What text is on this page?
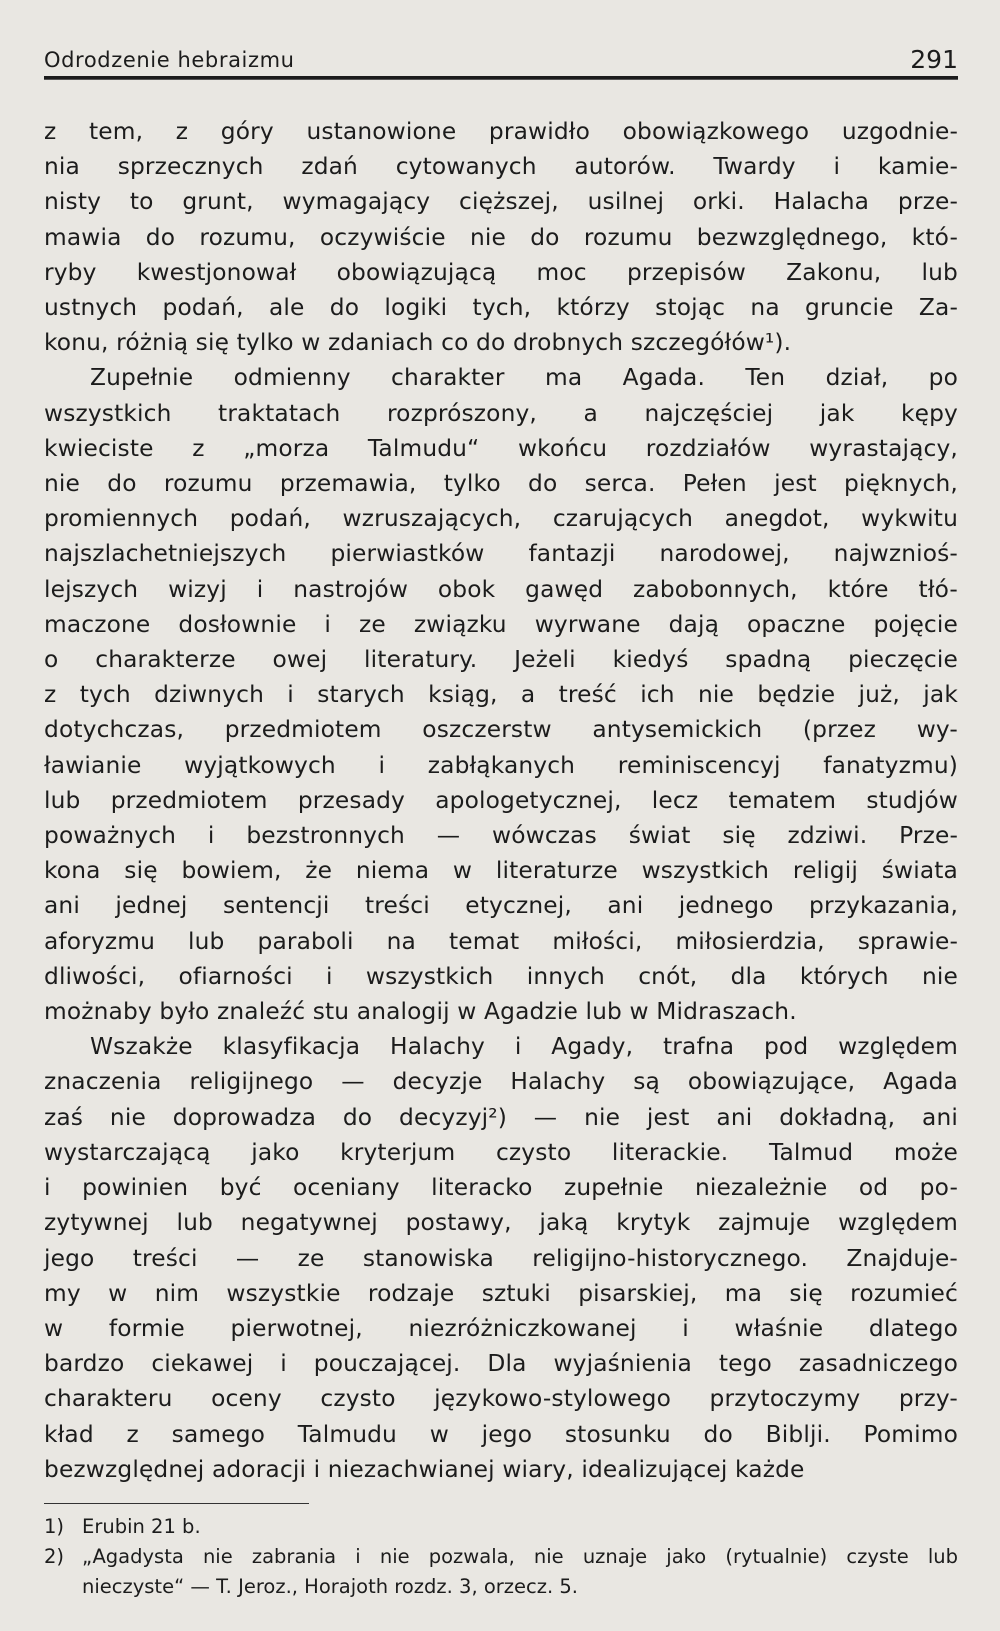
Odrodzenie hebraizmu	291
z tem, z góry ustanowione prawidło obowiązkowego uzgodnie-
nia sprzecznych zdań cytowanych autorów. Twardy i kamie-
nisty to grunt, wymagający cięższej, usilnej orki. Halacha prze-
mawia do rozumu, oczywiście nie do rozumu bezwzględnego, któ-
ryby kwestjonował obowiązującą moc przepisów Zakonu, lub
ustnych podań, ale do logiki tych, którzy stojąc na gruncie Za-
konu, różnią się tylko w zdaniach co do drobnych szczegółów¹).
Zupełnie odmienny charakter ma Agada. Ten dział, po
wszystkich traktatach rozprószony, a najczęściej jak kępy
kwieciste z „morza Talmudu“ wkońcu rozdziałów wyrastający,
nie do rozumu przemawia, tylko do serca. Pełen jest pięknych,
promiennych podań, wzruszających, czarujących anegdot, wykwitu
najszlachetniejszych pierwiastków fantazji narodowej, najwznioś-
lejszych wizyj i nastrojów obok gawęd zabobonnych, które tłó-
maczone dosłownie i ze związku wyrwane dają opaczne pojęcie
o charakterze owej literatury. Jeżeli kiedyś spadną pieczęcie
z tych dziwnych i starych ksiąg, a treść ich nie będzie już, jak
dotychczas, przedmiotem oszczerstw antysemickich (przez wy-
ławianie wyjątkowych i zabłąkanych reminiscencyj fanatyzmu)
lub przedmiotem przesady apologetycznej, lecz tematem studjów
poważnych i bezstronnych — wówczas świat się zdziwi. Prze-
kona się bowiem, że niema w literaturze wszystkich religij świata
ani jednej sentencji treści etycznej, ani jednego przykazania,
aforyzmu lub paraboli na temat miłości, miłosierdzia, sprawie-
dliwości, ofiarności i wszystkich innych cnót, dla których nie
możnaby było znaleźć stu analogij w Agadzie lub w Midraszach.
Wszakże klasyfikacja Halachy i Agady, trafna pod względem
znaczenia religijnego — decyzje Halachy są obowiązujące, Agada
zaś nie doprowadza do decyzyj²) — nie jest ani dokładną, ani
wystarczającą jako kryterjum czysto literackie. Talmud może
i powinien być oceniany literacko zupełnie niezależnie od po-
zytywnej lub negatywnej postawy, jaką krytyk zajmuje względem
jego treści — ze stanowiska religijno-historycznego. Znajduje-
my w nim wszystkie rodzaje sztuki pisarskiej, ma się rozumieć
w formie pierwotnej, niezróżniczkowanej i właśnie dlatego
bardzo ciekawej i pouczającej. Dla wyjaśnienia tego zasadniczego
charakteru oceny czysto językowo-stylowego przytoczymy przy-
kład z samego Talmudu w jego stosunku do Biblji. Pomimo
bezwzględnej adoracji i niezachwianej wiary, idealizującej każde
1) Erubin 21 b.
2) „Agadysta nie zabrania i nie pozwala, nie uznaje jako (rytualnie) czyste lub
nieczyste“ — T. Jeroz., Horajoth rozdz. 3, orzecz. 5.
